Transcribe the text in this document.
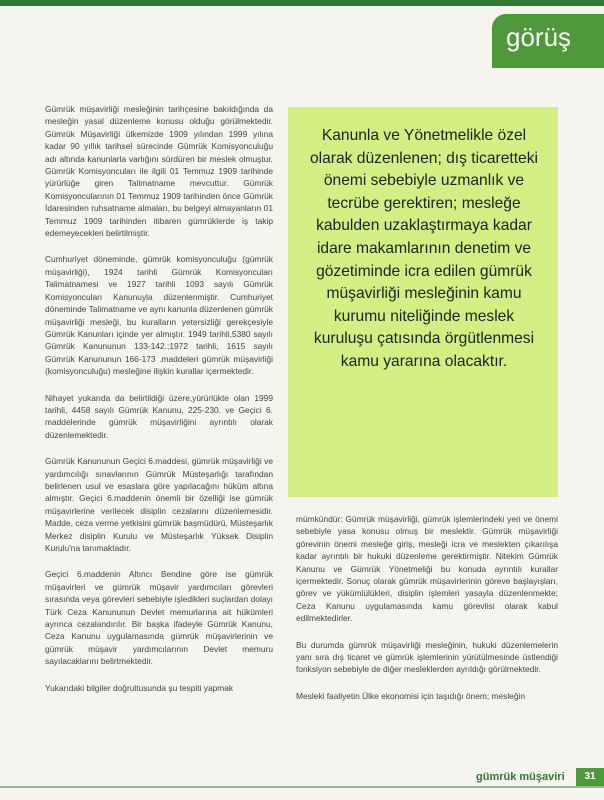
görüş

Gümrük müşavirliği mesleğinin tarihçesine bakıldığında da mesleğin yasal düzenleme konusu olduğu görülmektedir. Gümrük Müşavirliği ülkemizde 1909 yılından 1999 yılına kadar 90 yıllık tarihsel sürecinde Gümrük Komisyonculuğu adı altında kanunlarla varlığını sürdüren bir meslek olmuştur. Gümrük Komisyoncuları ile ilgili 01 Temmuz 1909 tarihinde yürürlüğe giren Talimatname mevcuttur. Gümrük Komisyoncularının 01 Temmuz 1909 tarihinden önce Gümrük İdaresinden ruhsatname almaları, bu belgeyi almayanların 01 Temmuz 1909 tarihinden itibaren gümrüklerde iş takip edemeyecekleri belirtilmiştir.

Cumhuriyet döneminde, gümrük komisyonculuğu (gümrük müşavirliği), 1924 tarihli Gümrük Komisyoncuları Talimatnamesi ve 1927 tarihli 1093 sayılı Gümrük Komisyoncuları Kanunuyla düzenlenmiştir. Cumhuriyet döneminde Talimatname ve aynı kanunla düzenlenen gümrük müşavirliği mesleği, bu kuralların yetersizliği gerekçesiyle Gümrük Kanunları içinde yer almıştır. 1949 tarihli,5380 sayılı Gümrük Kanununun 133-142.;1972 tarihli, 1615 sayılı Gümrük Kanununun 166-173 .maddeleri gümrük müşavirliği (komisyonculuğu) mesleğine ilişkin kurallar içermektedir.

Nihayet yukarıda da belirtildiği üzere,yürürlükte olan 1999 tarihli, 4458 sayılı Gümrük Kanunu, 225-230. ve Geçici 6. maddelerinde gümrük müşavirliğini ayrıntılı olarak düzenlemektedir.

Gümrük Kanununun Geçici 6.maddesi, gümrük müşavirliği ve yardımcılığı sınavlarının Gümrük Müsteşarlığı tarafından belirlenen usul ve esaslara göre yapılacağını hüküm altına almıştır. Geçici 6.maddenin önemli bir özelliği ise gümrük müşavirlerine verilecek disiplin cezalarını düzenlemesidir. Madde, ceza verme yetkisini gümrük başmüdürü, Müsteşarlık Merkez disiplin Kurulu ve Müsteşarlık Yüksek Disiplin Kurulu'na tanımaktadır.

Geçici 6.maddenin Altıncı Bendine göre ise gümrük müşavirleri ve gümrük müşavir yardımcıları görevleri sırasında veya görevleri sebebiyle işledikleri suçlardan dolayı Türk Ceza Kanununun Devlet memurlarına ait hükümleri ayrınca cezalandırılır. Bir başka ifadeyle Gümrük Kanunu, Ceza Kanunu uygulamasında gümrük müşavirlerinin ve gümrük müşavir yardımcılarının Devlet memuru sayılacaklarını belirtmektedir.

Yukarıdaki bilgiler doğrultusunda şu tespiti yapmak

Kanunla ve Yönetmelikle özel olarak düzenlenen; dış ticaretteki önemi sebebiyle uzmanlık ve tecrübe gerektiren; mesleğe kabulden uzaklaştırmaya kadar idare makamlarının denetim ve gözetiminde icra edilen gümrük müşavirliği mesleğinin kamu kurumu niteliğinde meslek kuruluşu çatısında örgütlenmesi kamu yararına olacaktır.

mümkündür: Gümrük müşavirliği, gümrük işlemlerindeki yeri ve önemi sebebiyle yasa konusu olmuş bir meslektir. Gümrük müşavirliği görevinin önemi mesleğe giriş, mesleği icra ve meslekten çıkarılışa kadar ayrıntılı bir hukuki düzenleme gerektirmiştir. Nitekim Gümrük Kanunu ve Gümrük Yönetmeliği bu konuda ayrıntılı kurallar içermektedir. Sonuç olarak gümrük müşavirlerinin göreve başlayışları, görev ve yükümlülükleri, disiplin işlemleri yasayla düzenlenmekte; Ceza Kanunu uygulamasında kamu görevlisi olarak kabul edilmektedirler.

Bu durumda gümrük müşavirliği mesleğinin, hukuki düzenlemelerin yanı sıra dış ticaret ve gümrük işlemlerinin yürütülmesinde üstlendiği fonksiyon sebebiyle de diğer mesleklerden ayrıldığı görülmektedir.

Mesleki faaliyetin Ülke ekonomisi için taşıdığı önem; mesleğin

gümrük müşaviri	31
